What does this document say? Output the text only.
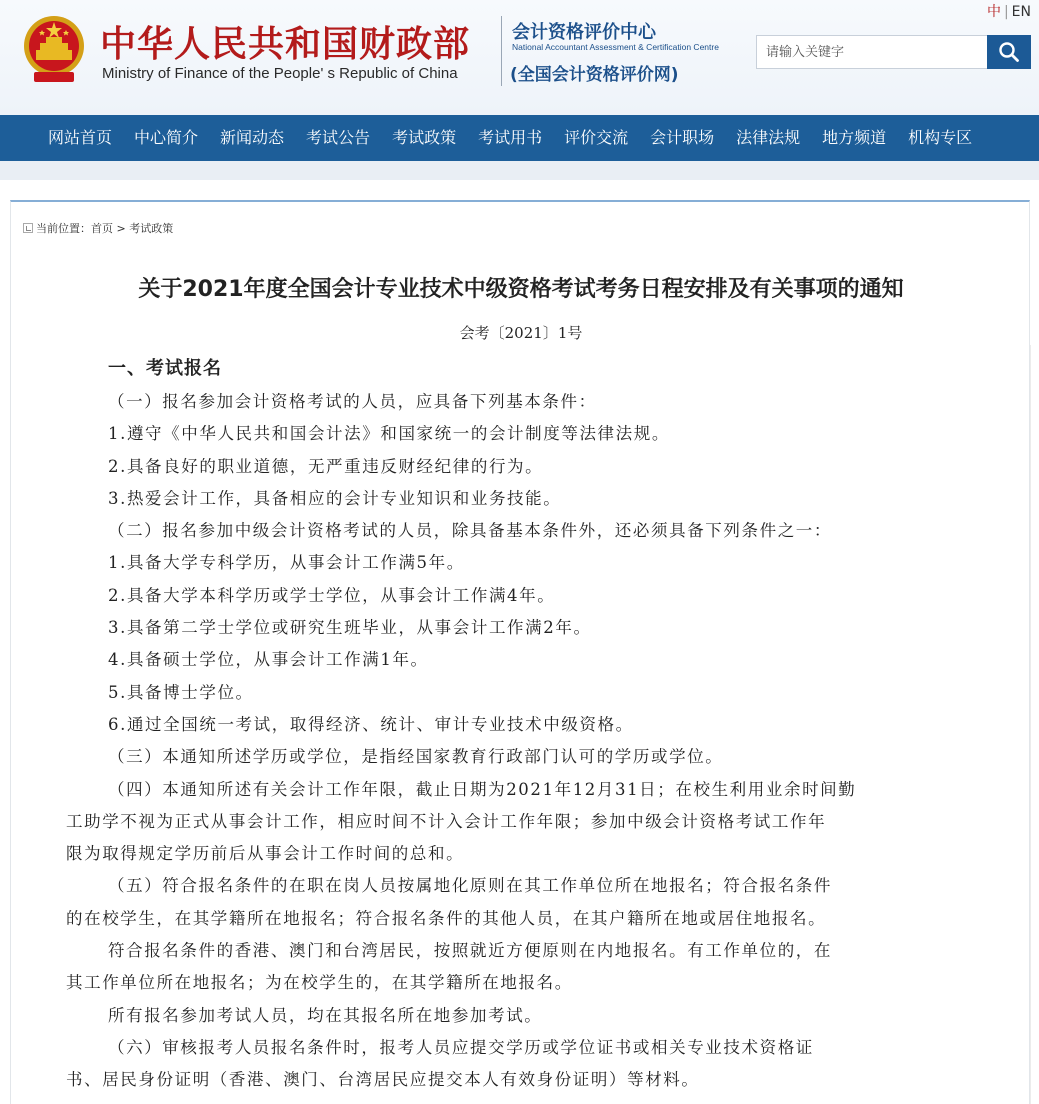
中华人民共和国财政部
Ministry of Finance of the People' s Republic of China
会计资格评价中心
National Accountant Assessment & Certification Centre
(全国会计资格评价网)
中 | EN
请输入关键字
网站首页	中心简介	新闻动态	考试公告	考试政策	考试用书	评价交流	会计职场	法律法规	地方频道	机构专区
当前位置：首页 > 考试政策
关于2021年度全国会计专业技术中级资格考试考务日程安排及有关事项的通知
会考〔2021〕1号

一、考试报名

（一）报名参加会计资格考试的人员，应具备下列基本条件：

1.遵守《中华人民共和国会计法》和国家统一的会计制度等法律法规。

2.具备良好的职业道德，无严重违反财经纪律的行为。

3.热爱会计工作，具备相应的会计专业知识和业务技能。

（二）报名参加中级会计资格考试的人员，除具备基本条件外，还必须具备下列条件之一：

1.具备大学专科学历，从事会计工作满5年。

2.具备大学本科学历或学士学位，从事会计工作满4年。

3.具备第二学士学位或研究生班毕业，从事会计工作满2年。

4.具备硕士学位，从事会计工作满1年。

5.具备博士学位。

6.通过全国统一考试，取得经济、统计、审计专业技术中级资格。

（三）本通知所述学历或学位，是指经国家教育行政部门认可的学历或学位。

（四）本通知所述有关会计工作年限，截止日期为2021年12月31日；在校生利用业余时间勤

工助学不视为正式从事会计工作，相应时间不计入会计工作年限；参加中级会计资格考试工作年

限为取得规定学历前后从事会计工作时间的总和。

（五）符合报名条件的在职在岗人员按属地化原则在其工作单位所在地报名；符合报名条件

的在校学生，在其学籍所在地报名；符合报名条件的其他人员，在其户籍所在地或居住地报名。

符合报名条件的香港、澳门和台湾居民，按照就近方便原则在内地报名。有工作单位的，在

其工作单位所在地报名；为在校学生的，在其学籍所在地报名。

所有报名参加考试人员，均在其报名所在地参加考试。

（六）审核报考人员报名条件时，报考人员应提交学历或学位证书或相关专业技术资格证

书、居民身份证明（香港、澳门、台湾居民应提交本人有效身份证明）等材料。
